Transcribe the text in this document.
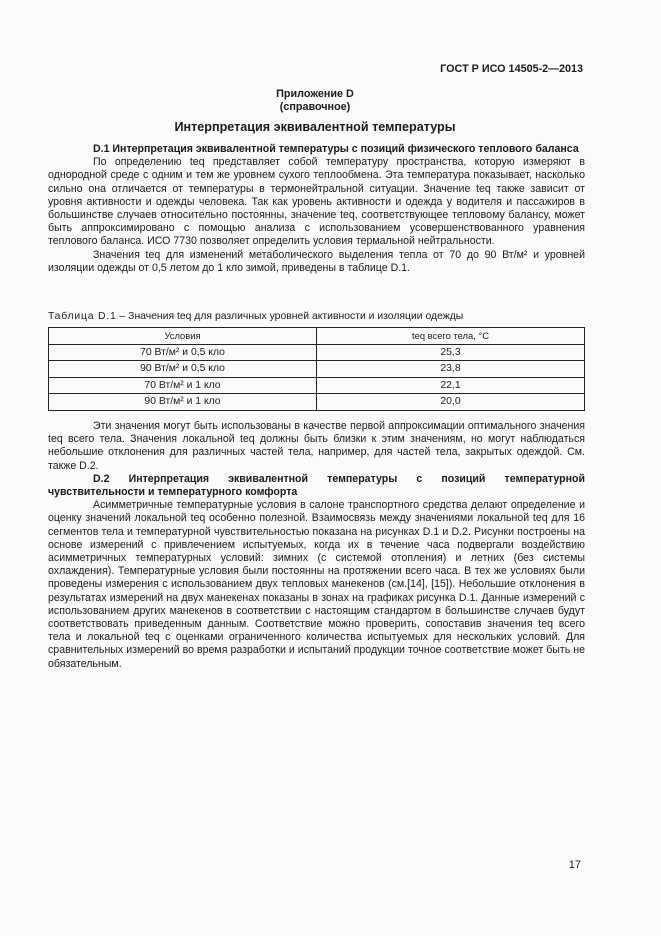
ГОСТ Р ИСО 14505-2—2013
Приложение D
(справочное)
Интерпретация эквивалентной температуры

D.1 Интерпретация эквивалентной температуры с позиций физического теплового баланса

По определению teq представляет собой температуру пространства, которую измеряют в однородной среде с одним и тем же уровнем сухого теплообмена. Эта температура показывает, насколько сильно она отличается от температуры в термонейтральной ситуации. Значение teq также зависит от уровня активности и одежды человека. Так как уровень активности и одежда у водителя и пассажиров в большинстве случаев относительно постоянны, значение teq, соответствующее тепловому балансу, может быть аппроксимировано с помощью анализа с использованием усовершенствованного уравнения теплового баланса. ИСО 7730 позволяет определить условия термальной нейтральности.

Значения teq для изменений метаболического выделения тепла от 70 до 90 Вт/м² и уровней изоляции одежды от 0,5 летом до 1 кло зимой, приведены в таблице D.1.

Таблица D.1 – Значения teq для различных уровней активности и изоляции одежды
Условия	teq всего тела, °C
70 Вт/м² и 0,5 кло	25,3
90 Вт/м² и 0,5 кло	23,8
70 Вт/м² и 1 кло	22,1
90 Вт/м² и 1 кло	20,0

Эти значения могут быть использованы в качестве первой аппроксимации оптимального значения teq всего тела. Значения локальной teq должны быть близки к этим значениям, но могут наблюдаться небольшие отклонения для различных частей тела, например, для частей тела, закрытых одеждой. См. также D.2.

D.2 Интерпретация эквивалентной температуры с позиций температурной чувствительности и температурного комфорта

Асимметричные температурные условия в салоне транспортного средства делают определение и оценку значений локальной teq особенно полезной. Взаимосвязь между значениями локальной teq для 16 сегментов тела и температурной чувствительностью показана на рисунках D.1 и D.2. Рисунки построены на основе измерений с привлечением испытуемых, когда их в течение часа подвергали воздействию асимметричных температурных условий: зимних (с системой отопления) и летних (без системы охлаждения). Температурные условия были постоянны на протяжении всего часа. В тех же условиях были проведены измерения с использованием двух тепловых манекенов (см.[14], [15]). Небольшие отклонения в результатах измерений на двух манекенах показаны в зонах на графиках рисунка D.1. Данные измерений с использованием других манекенов в соответствии с настоящим стандартом в большинстве случаев будут соответствовать приведенным данным. Соответствие можно проверить, сопоставив значения teq всего тела и локальной teq с оценками ограниченного количества испытуемых для нескольких условий. Для сравнительных измерений во время разработки и испытаний продукции точное соответствие может быть не обязательным.

17
